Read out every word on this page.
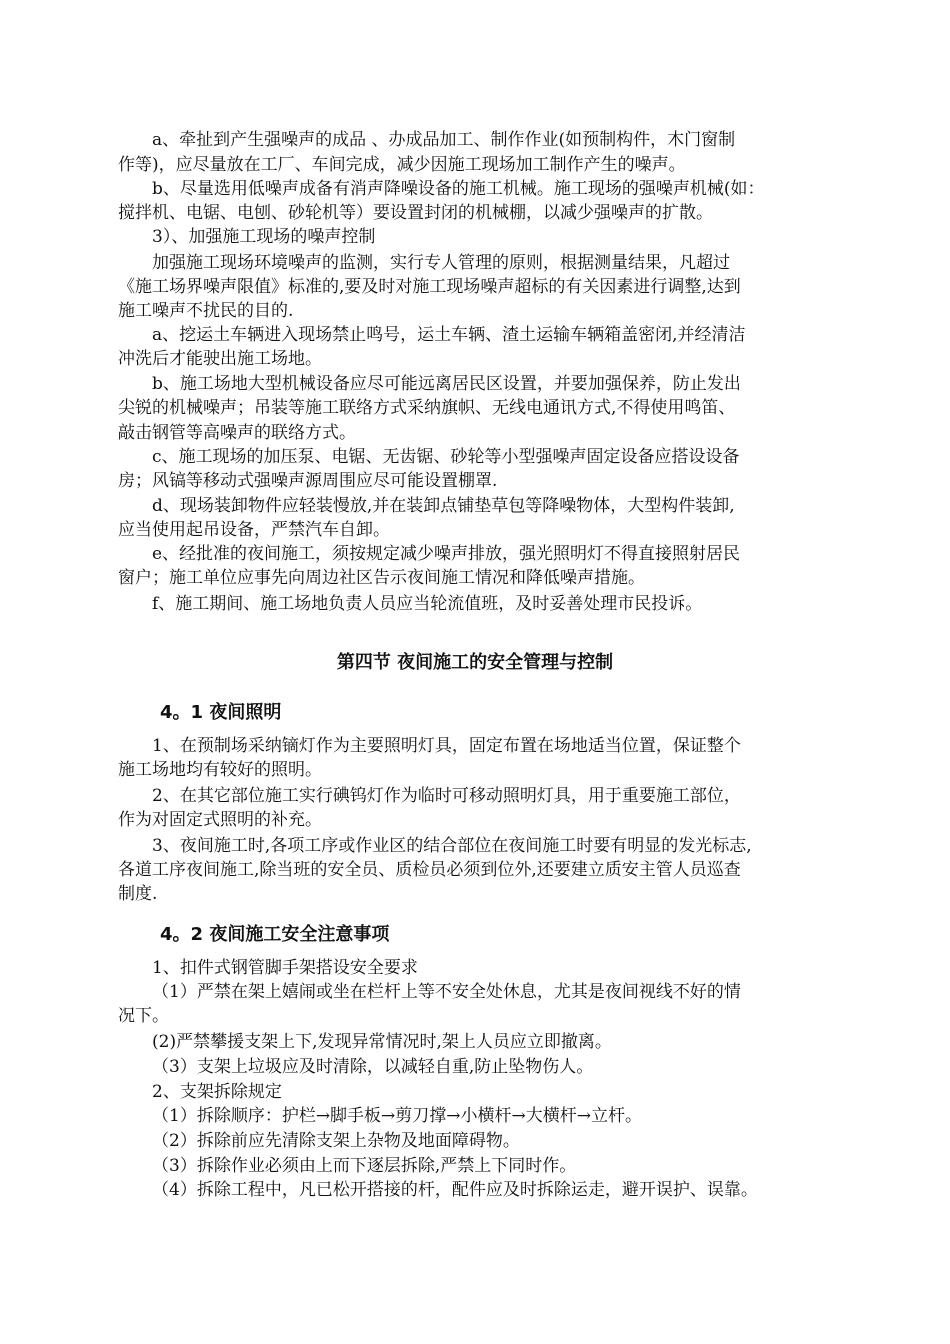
a、牵扯到产生强噪声的成品 、办成品加工、制作作业(如预制构件，木门窗制
作等)，应尽量放在工厂、车间完成，减少因施工现场加工制作产生的噪声。
b、尽量选用低噪声成备有消声降噪设备的施工机械。施工现场的强噪声机械(如：
搅拌机、电锯、电刨、砂轮机等）要设置封闭的机械棚，以减少强噪声的扩散。
3）、加强施工现场的噪声控制
加强施工现场环境噪声的监测，实行专人管理的原则，根据测量结果，凡超过
《施工场界噪声限值》标准的,要及时对施工现场噪声超标的有关因素进行调整,达到
施工噪声不扰民的目的.
a、挖运土车辆进入现场禁止鸣号，运土车辆、渣土运输车辆箱盖密闭,并经清洁
冲洗后才能驶出施工场地。
b、施工场地大型机械设备应尽可能远离居民区设置，并要加强保养，防止发出
尖锐的机械噪声；吊装等施工联络方式采纳旗帜、无线电通讯方式,不得使用鸣笛、
敲击钢管等高噪声的联络方式。
c、施工现场的加压泵、电锯、无齿锯、砂轮等小型强噪声固定设备应搭设设备
房；风镐等移动式强噪声源周围应尽可能设置棚罩.
d、现场装卸物件应轻装慢放,并在装卸点铺垫草包等降噪物体，大型构件装卸,
应当使用起吊设备，严禁汽车自卸。
e、经批准的夜间施工，须按规定减少噪声排放，强光照明灯不得直接照射居民
窗户；施工单位应事先向周边社区告示夜间施工情况和降低噪声措施。
f、施工期间、施工场地负责人员应当轮流值班，及时妥善处理市民投诉。
第四节 夜间施工的安全管理与控制
4。1 夜间照明
1、在预制场采纳镝灯作为主要照明灯具，固定布置在场地适当位置，保证整个
施工场地均有较好的照明。
2、在其它部位施工实行碘钨灯作为临时可移动照明灯具，用于重要施工部位，
作为对固定式照明的补充。
3、夜间施工时,各项工序或作业区的结合部位在夜间施工时要有明显的发光标志,
各道工序夜间施工,除当班的安全员、质检员必须到位外,还要建立质安主管人员巡查
制度.
4。2 夜间施工安全注意事项
1、扣件式钢管脚手架搭设安全要求
（1）严禁在架上嬉闹或坐在栏杆上等不安全处休息，尤其是夜间视线不好的情
况下。
(2)严禁攀援支架上下,发现异常情况时,架上人员应立即撤离。
（3）支架上垃圾应及时清除，以减轻自重,防止坠物伤人。
2、支架拆除规定
（1）拆除顺序：护栏→脚手板→剪刀撑→小横杆→大横杆→立杆。
（2）拆除前应先清除支架上杂物及地面障碍物。
（3）拆除作业必须由上而下逐层拆除,严禁上下同时作。
（4）拆除工程中，凡已松开搭接的杆，配件应及时拆除运走，避开误护、误靠。
